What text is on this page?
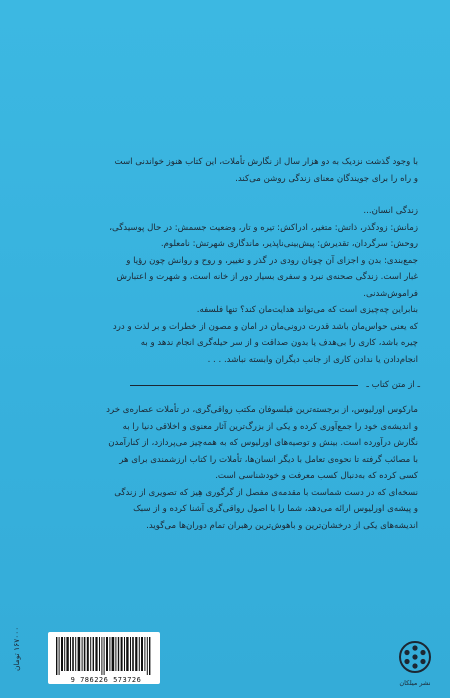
با وجود گذشت نزدیک به دو هزار سال از نگارش تأملات، این کتاب هنوز خواندنی است

و راه را برای جویندگان معنای زندگی روشن می‌کند.

زندگی انسان...

زمانش: زودگذر، ذاتش: متغیر، ادراکش: تیره و تار، وضعیت جسمش: در حال پوسیدگی،

روحش: سرگردان، تقدیرش: پیش‌بینی‌ناپذیر، ماندگاری شهرتش: نامعلوم.

جمع‌بندی: بدن و اجزای آن چونان رودی در گذر و تغییر، و روح و روانش چون رؤیا و

غبار است. زندگی صحنه‌ی نبرد و سفری بسیار دور از خانه است، و شهرت و اعتبارش

فراموش‌شدنی.

بنابراین چه‌چیزی است که می‌تواند هدایت‌مان کند؟ تنها فلسفه.

که یعنی حواس‌مان باشد قدرت درونی‌مان در امان و مصون از خطرات و بر لذت و درد

چیره باشد، کاری را بی‌هدف یا بدون صداقت و از سر حیله‌گری انجام ندهد و به

انجام‌دادن یا ندادن کاری از جانب دیگران وابسته نباشد. . . .

ـ از متن کتاب ـ

مارکوس اورلیوس، از برجسته‌ترین فیلسوفان مکتب رواقی‌گری، در تأملات عصاره‌ی خرد

و اندیشه‌ی خود را جمع‌آوری کرده و یکی از بزرگ‌ترین آثار معنوی و اخلاقی دنیا را به

نگارش درآورده است. بینش و توصیه‌های اورلیوس که به همه‌چیز می‌پردازد، از کنارآمدن

با مصائب گرفته تا نحوه‌ی تعامل با دیگر انسان‌ها، تأملات را کتاب ارزشمندی برای هر

کسی کرده که به‌دنبال کسب معرفت و خودشناسی است.

نسخه‌ای که در دست شماست با مقدمه‌ی مفصل از گرگوری هِیز که تصویری از زندگی

و پیشه‌ی اورلیوس ارائه می‌دهد، شما را با اصول رواقی‌گری آشنا کرده و از سبک

اندیشه‌های یکی از درخشان‌ترین و باهوش‌ترین رهبران تمام دوران‌ها می‌گوید.

۱۶۷۰۰۰ تومان
9 786226 573726	نشر میلکان
